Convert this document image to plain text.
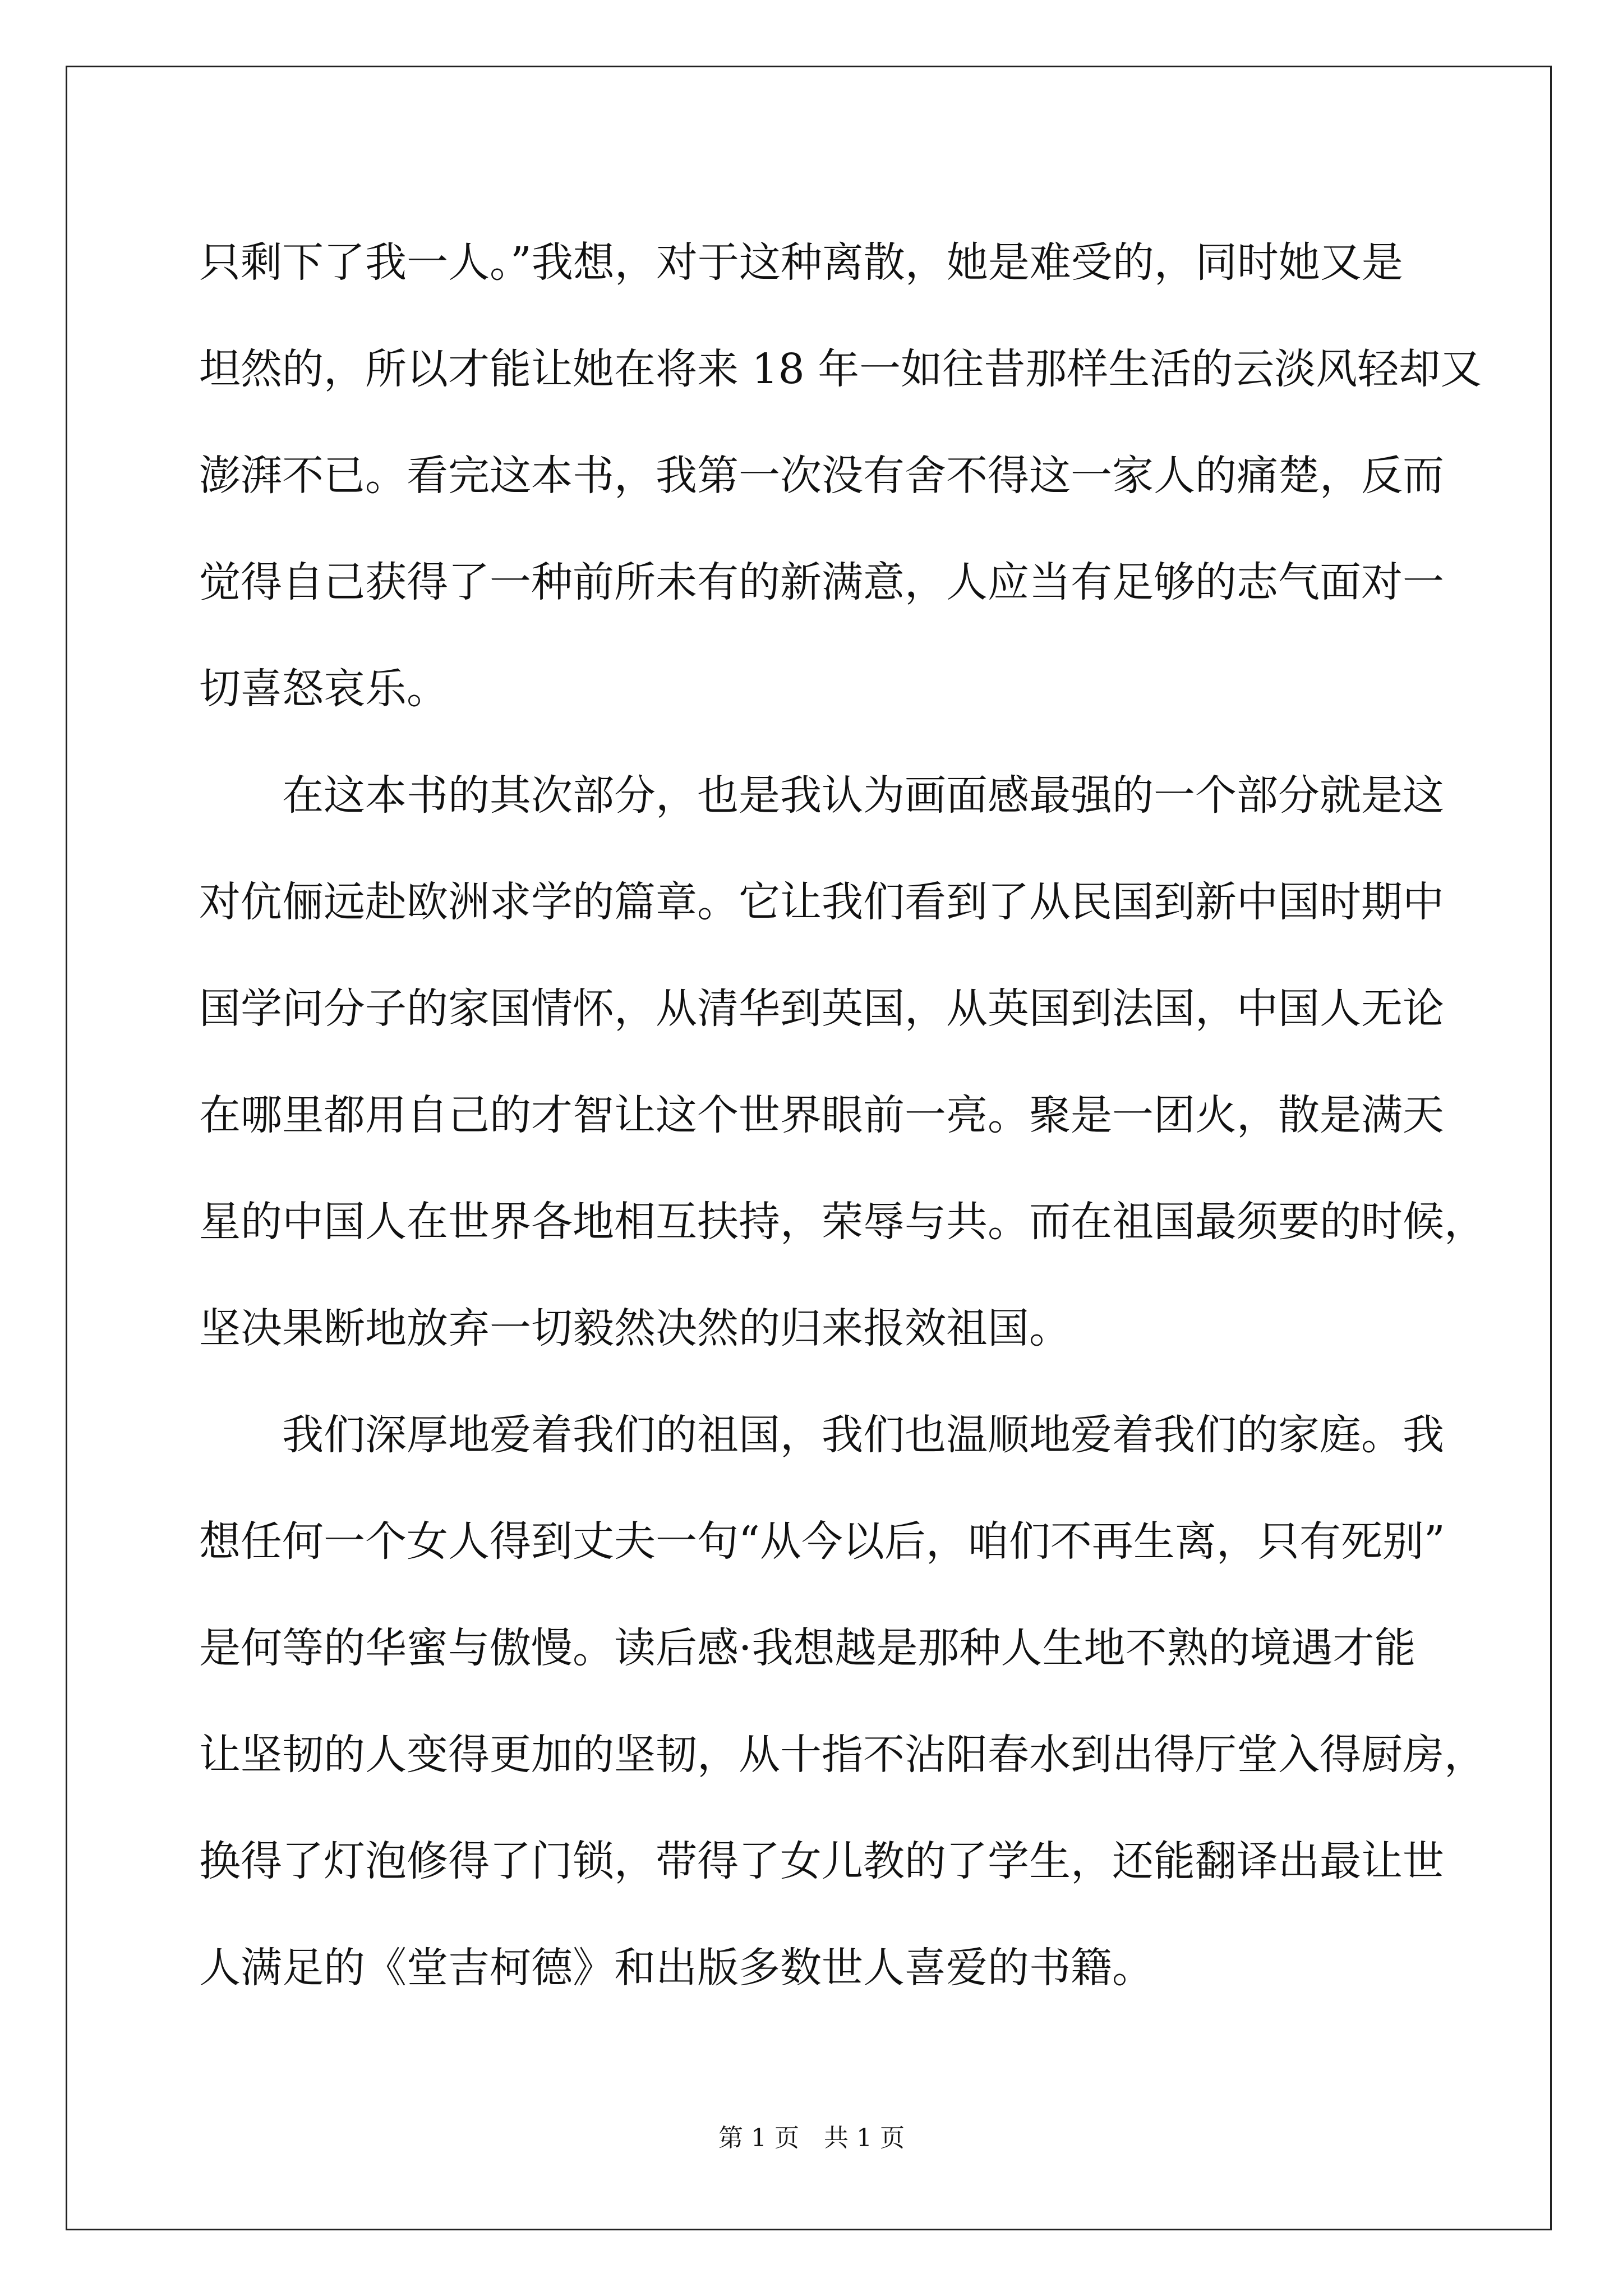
只剩下了我一人。”我想，对于这种离散，她是难受的，同时她又是
坦然的，所以才能让她在将来 18 年一如往昔那样生活的云淡风轻却又
澎湃不已。看完这本书，我第一次没有舍不得这一家人的痛楚，反而
觉得自己获得了一种前所未有的新满意，人应当有足够的志气面对一
切喜怒哀乐。
在这本书的其次部分，也是我认为画面感最强的一个部分就是这
对伉俪远赴欧洲求学的篇章。它让我们看到了从民国到新中国时期中
国学问分子的家国情怀，从清华到英国，从英国到法国，中国人无论
在哪里都用自己的才智让这个世界眼前一亮。聚是一团火，散是满天
星的中国人在世界各地相互扶持，荣辱与共。而在祖国最须要的时候，
坚决果断地放弃一切毅然决然的归来报效祖国。
我们深厚地爱着我们的祖国，我们也温顺地爱着我们的家庭。我
想任何一个女人得到丈夫一句“从今以后，咱们不再生离，只有死别”
是何等的华蜜与傲慢。读后感·我想越是那种人生地不熟的境遇才能
让坚韧的人变得更加的坚韧，从十指不沾阳春水到出得厅堂入得厨房，
换得了灯泡修得了门锁，带得了女儿教的了学生，还能翻译出最让世
人满足的《堂吉柯德》和出版多数世人喜爱的书籍。
第 1 页　共 1 页
